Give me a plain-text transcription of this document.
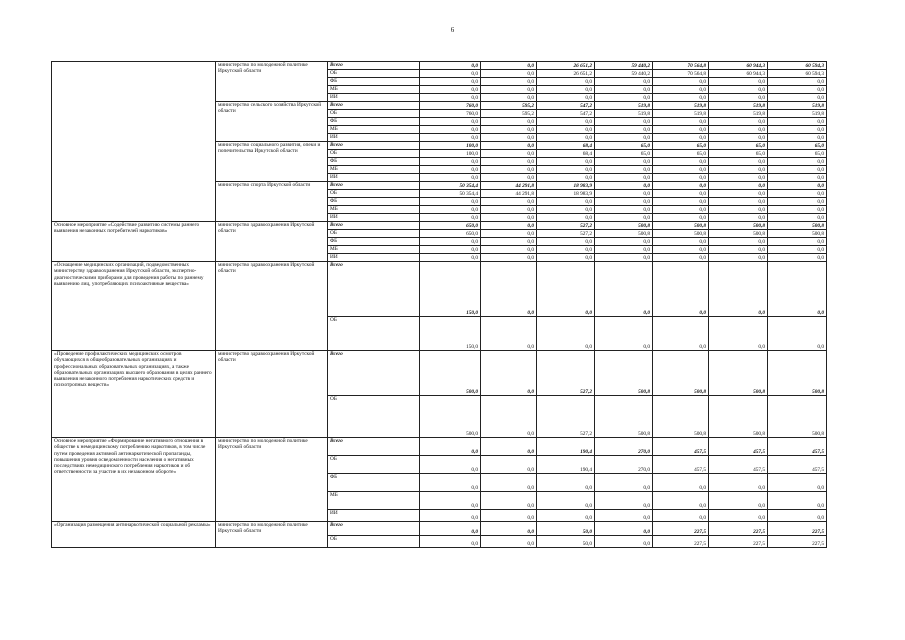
6
	министерство по молодежной политике Иркутской области	Всего	0,0	0,0	26 651,2	59 440,2	70 564,8	60 944,3	60 594,3
		ОБ	0,0	0,0	26 651,2	59 440,2	70 564,8	60 944,3	60 594,3
		ФБ	0,0	0,0	0,0	0,0	0,0	0,0	0,0
		МБ	0,0	0,0	0,0	0,0	0,0	0,0	0,0
		ИИ	0,0	0,0	0,0	0,0	0,0	0,0	0,0
	министерство сельского хозяйства Иркутской области	Всего	760,0	595,2	547,2	519,8	519,8	519,8	519,8
		ОБ	760,0	595,2	547,2	519,8	519,8	519,8	519,8
		ФБ	0,0	0,0	0,0	0,0	0,0	0,0	0,0
		МБ	0,0	0,0	0,0	0,0	0,0	0,0	0,0
		ИИ	0,0	0,0	0,0	0,0	0,0	0,0	0,0
	министерство социального развития, опеки и попечительства Иркутской области	Всего	100,0	0,0	68,4	65,0	65,0	65,0	65,0
		ОБ	100,0	0,0	68,4	65,0	65,0	65,0	65,0
		ФБ	0,0	0,0	0,0	0,0	0,0	0,0	0,0
		МБ	0,0	0,0	0,0	0,0	0,0	0,0	0,0
		ИИ	0,0	0,0	0,0	0,0	0,0	0,0	0,0
	министерство спорта Иркутской области	Всего	50 354,4	44 291,8	18 983,9	0,0	0,0	0,0	0,0
		ОБ	50 354,4	44 291,8	18 983,9	0,0	0,0	0,0	0,0
		ФБ	0,0	0,0	0,0	0,0	0,0	0,0	0,0
		МБ	0,0	0,0	0,0	0,0	0,0	0,0	0,0
		ИИ	0,0	0,0	0,0	0,0	0,0	0,0	0,0
Основное мероприятие «Содействие развитию системы раннего выявления незаконных потребителей наркотиков»	министерство здравоохранения Иркутской области	Всего	650,0	0,0	527,2	500,8	500,8	500,8	500,8
		ОБ	650,0	0,0	527,2	500,8	500,8	500,8	500,8
		ФБ	0,0	0,0	0,0	0,0	0,0	0,0	0,0
		МБ	0,0	0,0	0,0	0,0	0,0	0,0	0,0
		ИИ	0,0	0,0	0,0	0,0	0,0	0,0	0,0
«Оснащение медицинских организаций, подведомственных министерству здравоохранения Иркутской области, экспертно-диагностическими приборами для проведения работы по раннему выявлению лиц, употребляющих психоактивные вещества»	министерство здравоохранения Иркутской области	Всего	150,0	0,0	0,0	0,0	0,0	0,0	0,0
		ОБ	150,0	0,0	0,0	0,0	0,0	0,0	0,0
«Проведение профилактических медицинских осмотров обучающихся в общеобразовательных организациях и профессиональных образовательных организациях, а также образовательных организациях высшего образования в целях раннего выявления незаконного потребления наркотических средств и психотропных веществ»	министерство здравоохранения Иркутской области	Всего	500,0	0,0	527,2	500,8	500,8	500,8	500,8
		ОБ	500,0	0,0	527,2	500,8	500,8	500,8	500,8
Основное мероприятие «Формирование негативного отношения в обществе к немедицинскому потреблению наркотиков, в том числе путем проведения активной антинаркотической пропаганды, повышения уровня осведомленности населения о негативных последствиях немедицинского потребления наркотиков и об ответственности за участие в их незаконном обороте»	министерство по молодежной политике Иркутской области	Всего	0,0	0,0	190,4	270,0	457,5	457,5	457,5
		ОБ	0,0	0,0	190,4	270,0	457,5	457,5	457,5
		ФБ	0,0	0,0	0,0	0,0	0,0	0,0	0,0
		МБ	0,0	0,0	0,0	0,0	0,0	0,0	0,0
		ИИ	0,0	0,0	0,0	0,0	0,0	0,0	0,0
«Организация размещения антинаркотической социальной рекламы»	министерство по молодежной политике Иркутской области	Всего	0,0	0,0	50,0	0,0	227,5	227,5	227,5
		ОБ	0,0	0,0	50,0	0,0	227,5	227,5	227,5
